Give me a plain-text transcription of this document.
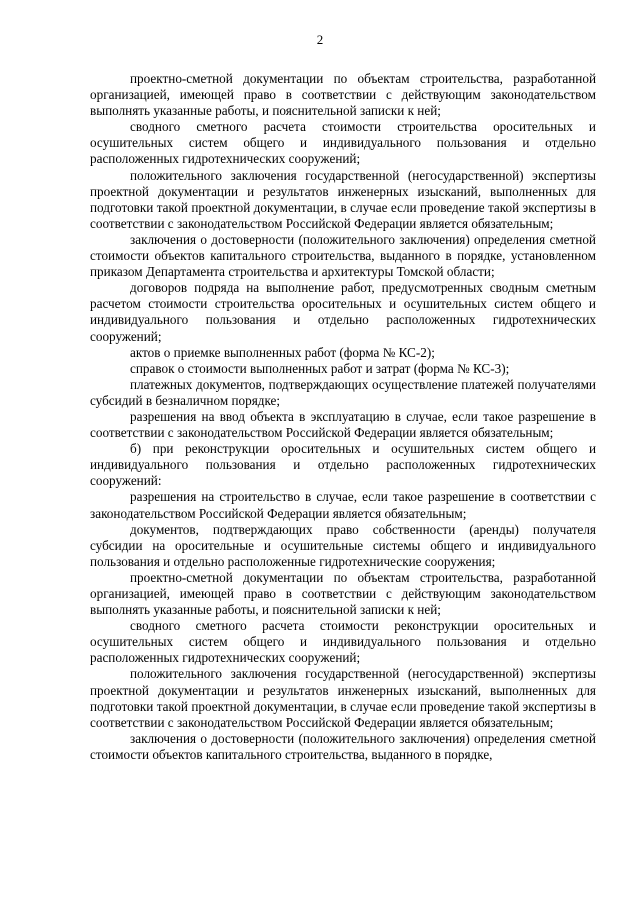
2

проектно-сметной документации по объектам строительства, разработанной организацией, имеющей право в соответствии с действующим законодательством выполнять указанные работы, и пояснительной записки к ней;

сводного сметного расчета стоимости строительства оросительных и осушительных систем общего и индивидуального пользования и отдельно расположенных гидротехнических сооружений;

положительного заключения государственной (негосударственной) экспертизы проектной документации и результатов инженерных изысканий, выполненных для подготовки такой проектной документации, в случае если проведение такой экспертизы в соответствии с законодательством Российской Федерации является обязательным;

заключения о достоверности (положительного заключения) определения сметной стоимости объектов капитального строительства, выданного в порядке, установленном приказом Департамента строительства и архитектуры Томской области;

договоров подряда на выполнение работ, предусмотренных сводным сметным расчетом стоимости строительства оросительных и осушительных систем общего и индивидуального пользования и отдельно расположенных гидротехнических сооружений;

актов о приемке выполненных работ (форма № КС-2);

справок о стоимости выполненных работ и затрат (форма № КС-3);

платежных документов, подтверждающих осуществление платежей получателями субсидий в безналичном порядке;

разрешения на ввод объекта в эксплуатацию в случае, если такое разрешение в соответствии с законодательством Российской Федерации является обязательным;

б) при реконструкции оросительных и осушительных систем общего и индивидуального пользования и отдельно расположенных гидротехнических сооружений:

разрешения на строительство в случае, если такое разрешение в соответствии с законодательством Российской Федерации является обязательным;

документов, подтверждающих право собственности (аренды) получателя субсидии на оросительные и осушительные системы общего и индивидуального пользования и отдельно расположенные гидротехнические сооружения;

проектно-сметной документации по объектам строительства, разработанной организацией, имеющей право в соответствии с действующим законодательством выполнять указанные работы, и пояснительной записки к ней;

сводного сметного расчета стоимости реконструкции оросительных и осушительных систем общего и индивидуального пользования и отдельно расположенных гидротехнических сооружений;

положительного заключения государственной (негосударственной) экспертизы проектной документации и результатов инженерных изысканий, выполненных для подготовки такой проектной документации, в случае если проведение такой экспертизы в соответствии с законодательством Российской Федерации является обязательным;

заключения о достоверности (положительного заключения) определения сметной стоимости объектов капитального строительства, выданного в порядке,
